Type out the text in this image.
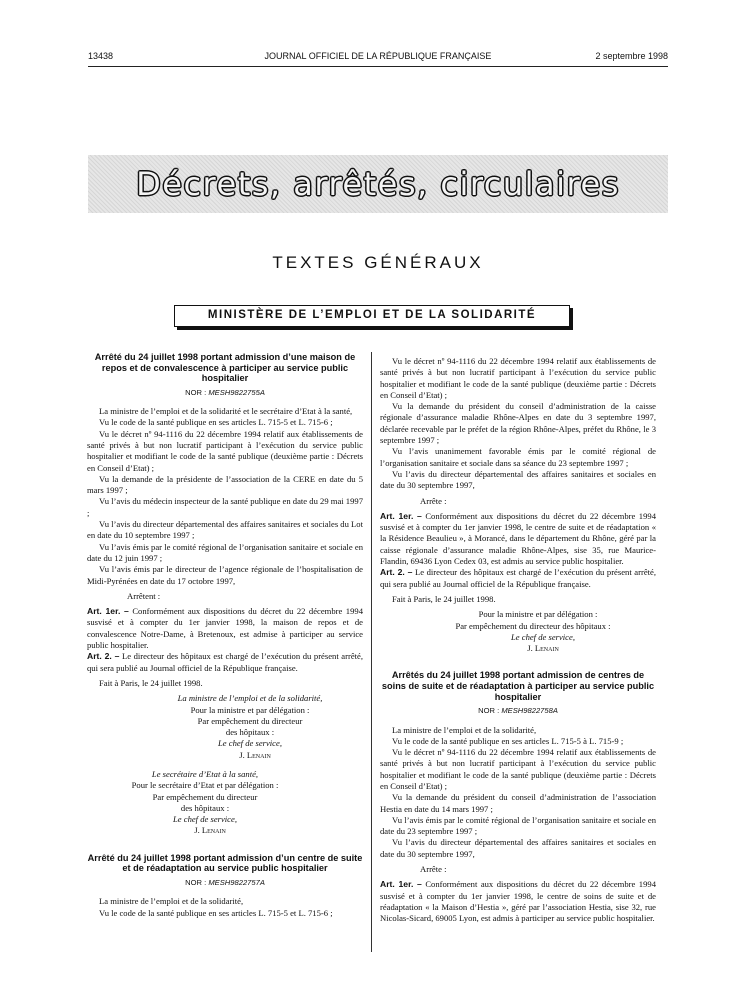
13438	JOURNAL OFFICIEL DE LA RÉPUBLIQUE FRANÇAISE	2 septembre 1998
Décrets, arrêtés, circulaires
TEXTES GÉNÉRAUX
MINISTÈRE DE L’EMPLOI ET DE LA SOLIDARITÉ
Arrêté du 24 juillet 1998 portant admission d’une maison de repos et de convalescence à participer au service public hospitalier
NOR : MESH9822755A

La ministre de l’emploi et de la solidarité et le secrétaire d’Etat à la santé,

Vu le code de la santé publique en ses articles L. 715-5 et L. 715-6 ;

Vu le décret nº 94-1116 du 22 décembre 1994 relatif aux établissements de santé privés à but non lucratif participant à l’exécution du service public hospitalier et modifiant le code de la santé publique (deuxième partie : Décrets en Conseil d’Etat) ;

Vu la demande de la présidente de l’association de la CERE en date du 5 mars 1997 ;

Vu l’avis du médecin inspecteur de la santé publique en date du 29 mai 1997 ;

Vu l’avis du directeur départemental des affaires sanitaires et sociales du Lot en date du 10 septembre 1997 ;

Vu l’avis émis par le comité régional de l’organisation sanitaire et sociale en date du 12 juin 1997 ;

Vu l’avis émis par le directeur de l’agence régionale de l’hospitalisation de Midi-Pyrénées en date du 17 octobre 1997,

Arrêtent :

Art. 1er. – Conformément aux dispositions du décret du 22 décembre 1994 susvisé et à compter du 1er janvier 1998, la maison de repos et de convalescence Notre-Dame, à Bretenoux, est admise à participer au service public hospitalier.

Art. 2. – Le directeur des hôpitaux est chargé de l’exécution du présent arrêté, qui sera publié au Journal officiel de la République française.

Fait à Paris, le 24 juillet 1998.

La ministre de l’emploi et de la solidarité,
Pour la ministre et par délégation :
Par empêchement du directeur
des hôpitaux :
Le chef de service,
J. Lenain
Le secrétaire d’Etat à la santé,
Pour le secrétaire d’Etat et par délégation :
Par empêchement du directeur
des hôpitaux :
Le chef de service,
J. Lenain
Arrêté du 24 juillet 1998 portant admission d’un centre de suite et de réadaptation au service public hospitalier
NOR : MESH9822757A

La ministre de l’emploi et de la solidarité,

Vu le code de la santé publique en ses articles L. 715-5 et L. 715-6 ;

Vu le décret nº 94-1116 du 22 décembre 1994 relatif aux établissements de santé privés à but non lucratif participant à l’exécution du service public hospitalier et modifiant le code de la santé publique (deuxième partie : Décrets en Conseil d’Etat) ;

Vu la demande du président du conseil d’administration de la caisse régionale d’assurance maladie Rhône-Alpes en date du 3 septembre 1997, déclarée recevable par le préfet de la région Rhône-Alpes, préfet du Rhône, le 3 septembre 1997 ;

Vu l’avis unanimement favorable émis par le comité régional de l’organisation sanitaire et sociale dans sa séance du 23 septembre 1997 ;

Vu l’avis du directeur départemental des affaires sanitaires et sociales en date du 30 septembre 1997,

Arrête :

Art. 1er. – Conformément aux dispositions du décret du 22 décembre 1994 susvisé et à compter du 1er janvier 1998, le centre de suite et de réadaptation « la Résidence Beaulieu », à Morancé, dans le département du Rhône, géré par la caisse régionale d’assurance maladie Rhône-Alpes, sise 35, rue Maurice-Flandin, 69436 Lyon Cedex 03, est admis au service public hospitalier.

Art. 2. – Le directeur des hôpitaux est chargé de l’exécution du présent arrêté, qui sera publié au Journal officiel de la République française.

Fait à Paris, le 24 juillet 1998.

Pour la ministre et par délégation :
Par empêchement du directeur des hôpitaux :
Le chef de service,
J. Lenain
Arrêtés du 24 juillet 1998 portant admission de centres de soins de suite et de réadaptation à participer au service public hospitalier
NOR : MESH9822758A

La ministre de l’emploi et de la solidarité,

Vu le code de la santé publique en ses articles L. 715-5 à L. 715-9 ;

Vu le décret nº 94-1116 du 22 décembre 1994 relatif aux établissements de santé privés à but non lucratif participant à l’exécution du service public hospitalier et modifiant le code de la santé publique (deuxième partie : Décrets en Conseil d’Etat) ;

Vu la demande du président du conseil d’administration de l’association Hestia en date du 14 mars 1997 ;

Vu l’avis émis par le comité régional de l’organisation sanitaire et sociale en date du 23 septembre 1997 ;

Vu l’avis du directeur départemental des affaires sanitaires et sociales en date du 30 septembre 1997,

Arrête :

Art. 1er. – Conformément aux dispositions du décret du 22 décembre 1994 susvisé et à compter du 1er janvier 1998, le centre de soins de suite et de réadaptation « la Maison d’Hestia », géré par l’association Hestia, sise 32, rue Nicolas-Sicard, 69005 Lyon, est admis à participer au service public hospitalier.
